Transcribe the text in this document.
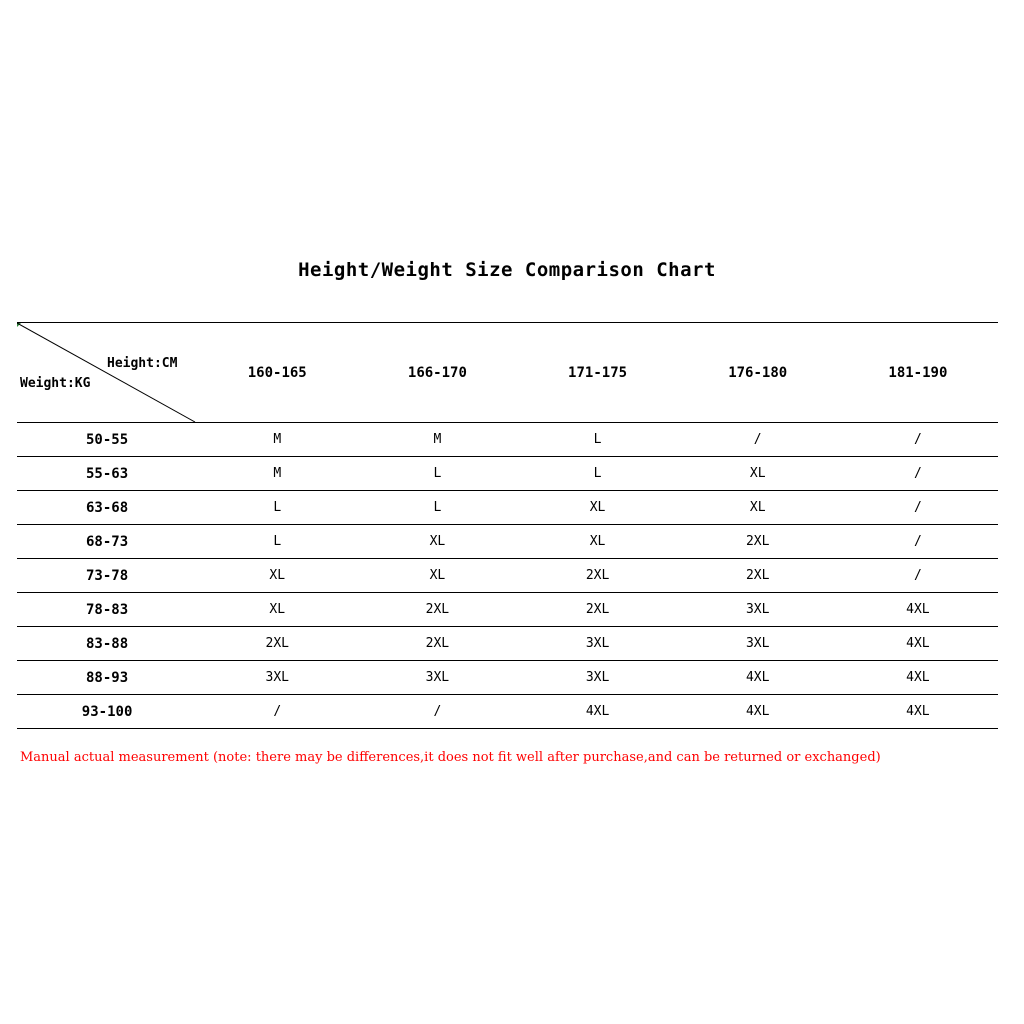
Height/Weight Size Comparison Chart
Height:CM
Weight:KG	160-165	166-170	171-175	176-180	181-190
50-55	M	M	L	/	/
55-63	M	L	L	XL	/
63-68	L	L	XL	XL	/
68-73	L	XL	XL	2XL	/
73-78	XL	XL	2XL	2XL	/
78-83	XL	2XL	2XL	3XL	4XL
83-88	2XL	2XL	3XL	3XL	4XL
88-93	3XL	3XL	3XL	4XL	4XL
93-100	/	/	4XL	4XL	4XL
Manual actual measurement (note: there may be differences,it does not fit well after purchase,and can be returned or exchanged)
